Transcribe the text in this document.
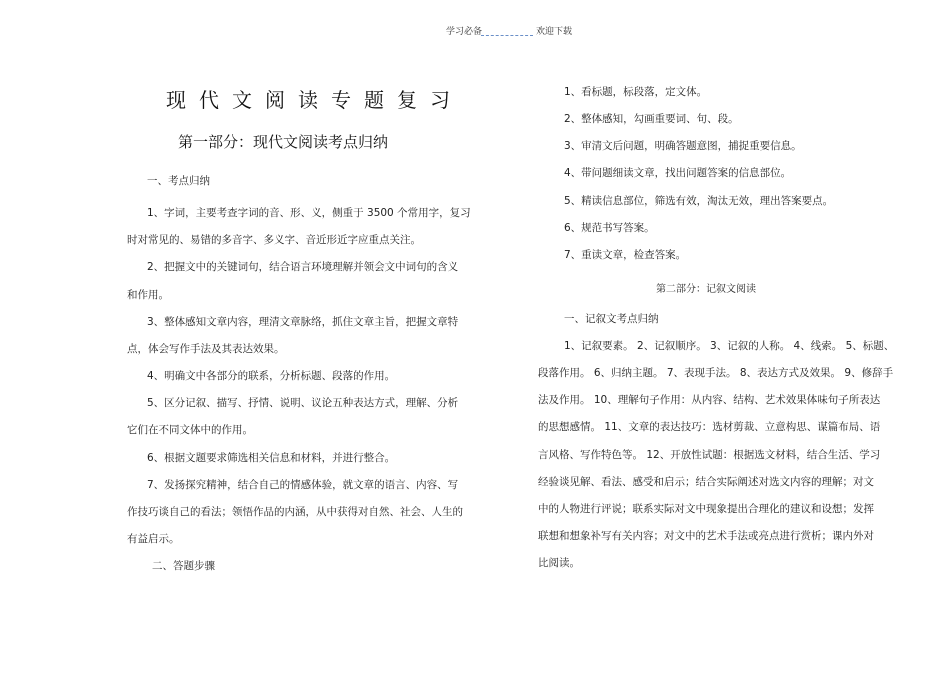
学习必备	欢迎下载
现代文阅读专题复习
第一部分：现代文阅读考点归纳
一、考点归纳
1、字词，主要考查字词的音、形、义，侧重于 3500 个常用字，复习
时对常见的、易错的多音字、多义字、音近形近字应重点关注。
2、把握文中的关键词句，结合语言环境理解并领会文中词句的含义
和作用。
3、整体感知文章内容，理清文章脉络，抓住文章主旨，把握文章特
点，体会写作手法及其表达效果。
4、明确文中各部分的联系，分析标题、段落的作用。
5、区分记叙、描写、抒情、说明、议论五种表达方式，理解、分析
它们在不同文体中的作用。
6、根据文题要求筛选相关信息和材料，并进行整合。
7、发扬探究精神，结合自己的情感体验，就文章的语言、内容、写
作技巧谈自己的看法；领悟作品的内涵，从中获得对自然、社会、人生的
有益启示。
二、答题步骤
1、看标题，标段落，定文体。
2、整体感知，勾画重要词、句、段。
3、审清文后问题，明确答题意图，捕捉重要信息。
4、带问题细读文章，找出问题答案的信息部位。
5、精读信息部位，筛选有效，淘汰无效，理出答案要点。
6、规范书写答案。
7、重读文章，检查答案。
第二部分：记叙文阅读
一、记叙文考点归纳
1、记叙要素。 2、记叙顺序。 3、记叙的人称。 4、线索。 5、标题、
段落作用。 6、归纳主题。 7、表现手法。 8、表达方式及效果。 9、修辞手
法及作用。 10、理解句子作用：从内容、结构、艺术效果体味句子所表达
的思想感情。 11、文章的表达技巧：选材剪裁、立意构思、谋篇布局、语
言风格、写作特色等。 12、开放性试题：根据选文材料，结合生活、学习
经验谈见解、看法、感受和启示；结合实际阐述对选文内容的理解；对文
中的人物进行评说；联系实际对文中现象提出合理化的建议和设想；发挥
联想和想象补写有关内容；对文中的艺术手法或亮点进行赏析；课内外对
比阅读。
